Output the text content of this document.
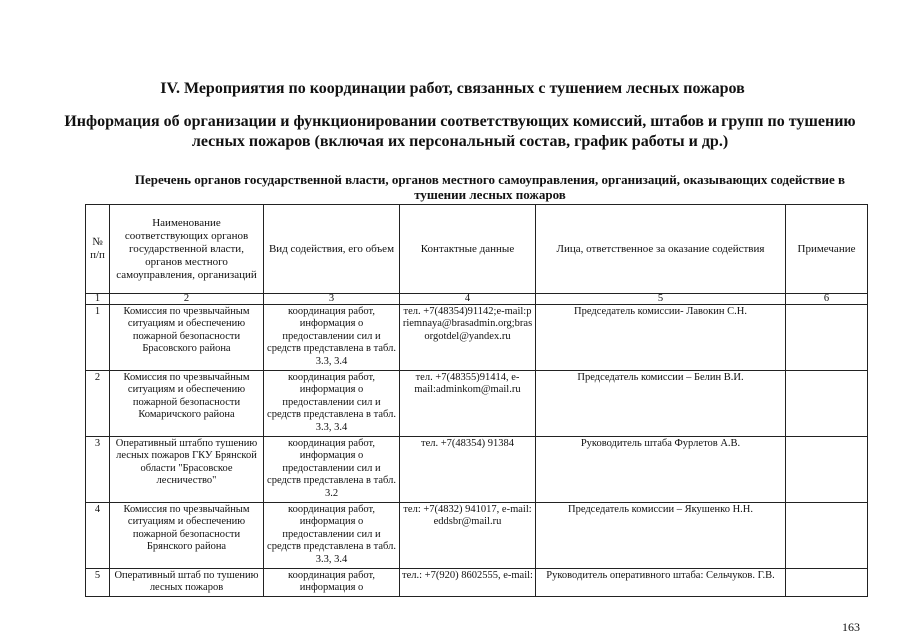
IV. Мероприятия по координации работ, связанных с тушением лесных пожаров
Информация об организации и функционировании соответствующих комиссий, штабов и групп по тушению лесных пожаров (включая их персональный состав, график работы и др.)
Перечень органов государственной власти, органов местного самоуправления, организаций, оказывающих содействие в тушении лесных пожаров
№ п/п	Наименование соответствующих органов государственной власти, органов местного самоуправления, организаций	Вид содействия, его объем	Контактные данные	Лица, ответственное за оказание содействия	Примечание
1	2	3	4	5	6
1	Комиссия по чрезвычайным ситуациям и обеспечению пожарной безопасности Брасовского района	координация работ, информация о предоставлении сил и средств представлена в табл. 3.3, 3.4	тел. +7(48354)91142;e-mail:priemnaya@brasadmin.org;brasorgotdel@yandex.ru	Председатель комиссии- Лавокин С.Н.	
2	Комиссия по чрезвычайным ситуациям и обеспечению пожарной безопасности Комаричского района	координация работ, информация о предоставлении сил и средств представлена в табл. 3.3, 3.4	тел. +7(48355)91414, e-mail:adminkom@mail.ru	Председатель комиссии – Белин В.И.	
3	Оперативный штабпо тушению лесных пожаров ГКУ Брянской области "Брасовское лесничество"	координация работ, информация о предоставлении сил и средств представлена в табл. 3.2	тел. +7(48354) 91384	Руководитель штаба Фурлетов А.В.	
4	Комиссия по чрезвычайным ситуациям и обеспечению пожарной безопасности Брянского района	координация работ, информация о предоставлении сил и средств представлена в табл. 3.3, 3.4	тел: +7(4832) 941017, e-mail: eddsbr@mail.ru	Председатель комиссии – Якушенко Н.Н.	
5	Оперативный штаб по тушению лесных пожаров	координация работ, информация о	тел.: +7(920) 8602555, e-mail:	Руководитель оперативного штаба: Сельчуков. Г.В.	
163
